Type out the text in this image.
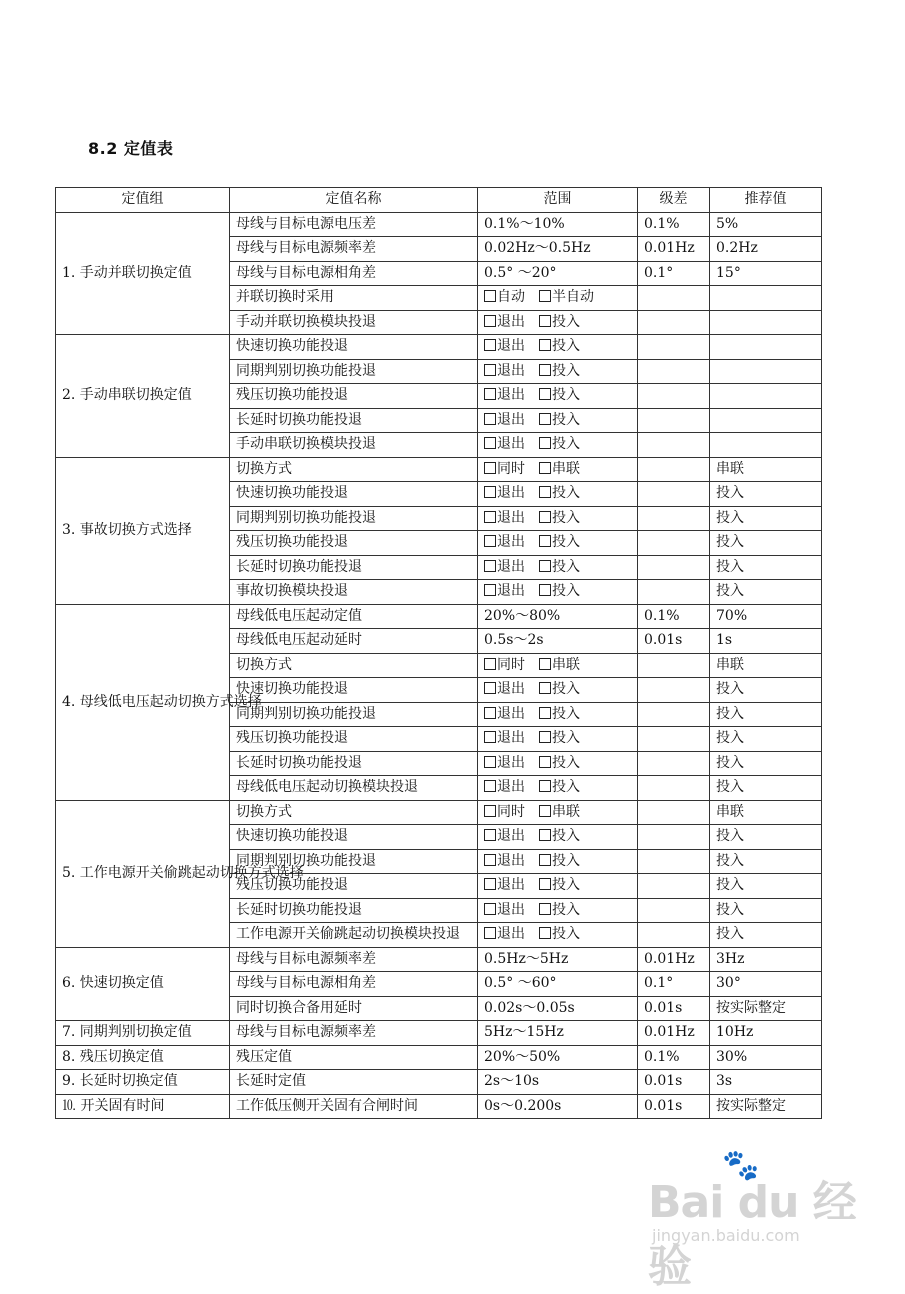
8.2 定值表
定值组	定值名称	范围	级差	推荐值
1. 手动并联切换定值	母线与目标电源电压差	0.1%～10%	0.1%	5%
	母线与目标电源频率差	0.02Hz～0.5Hz	0.01Hz	0.2Hz
	母线与目标电源相角差	0.5° ～20°	0.1°	15°
	并联切换时采用	自动 半自动		
	手动并联切换模块投退	退出 投入		
2. 手动串联切换定值	快速切换功能投退	退出 投入		
	同期判别切换功能投退	退出 投入		
	残压切换功能投退	退出 投入		
	长延时切换功能投退	退出 投入		
	手动串联切换模块投退	退出 投入		
3. 事故切换方式选择	切换方式	同时 串联		串联
	快速切换功能投退	退出 投入		投入
	同期判别切换功能投退	退出 投入		投入
	残压切换功能投退	退出 投入		投入
	长延时切换功能投退	退出 投入		投入
	事故切换模块投退	退出 投入		投入
4. 母线低电压起动切换方式选择	母线低电压起动定值	20%～80%	0.1%	70%
	母线低电压起动延时	0.5s～2s	0.01s	1s
	切换方式	同时 串联		串联
	快速切换功能投退	退出 投入		投入
	同期判别切换功能投退	退出 投入		投入
	残压切换功能投退	退出 投入		投入
	长延时切换功能投退	退出 投入		投入
	母线低电压起动切换模块投退	退出 投入		投入
5. 工作电源开关偷跳起动切换方式选择	切换方式	同时 串联		串联
	快速切换功能投退	退出 投入		投入
	同期判别切换功能投退	退出 投入		投入
	残压切换功能投退	退出 投入		投入
	长延时切换功能投退	退出 投入		投入
	工作电源开关偷跳起动切换模块投退	退出 投入		投入
6. 快速切换定值	母线与目标电源频率差	0.5Hz～5Hz	0.01Hz	3Hz
	母线与目标电源相角差	0.5° ～60°	0.1°	30°
	同时切换合备用延时	0.02s～0.05s	0.01s	按实际整定
7. 同期判别切换定值	母线与目标电源频率差	5Hz～15Hz	0.01Hz	10Hz
8. 残压切换定值	残压定值	20%～50%	0.1%	30%
9. 长延时切换定值	长延时定值	2s～10s	0.01s	3s
⒑ 开关固有时间	工作低压侧开关固有合闸时间	0s～0.200s	0.01s	按实际整定
🐾
Bai du 经验
jingyan.baidu.com
